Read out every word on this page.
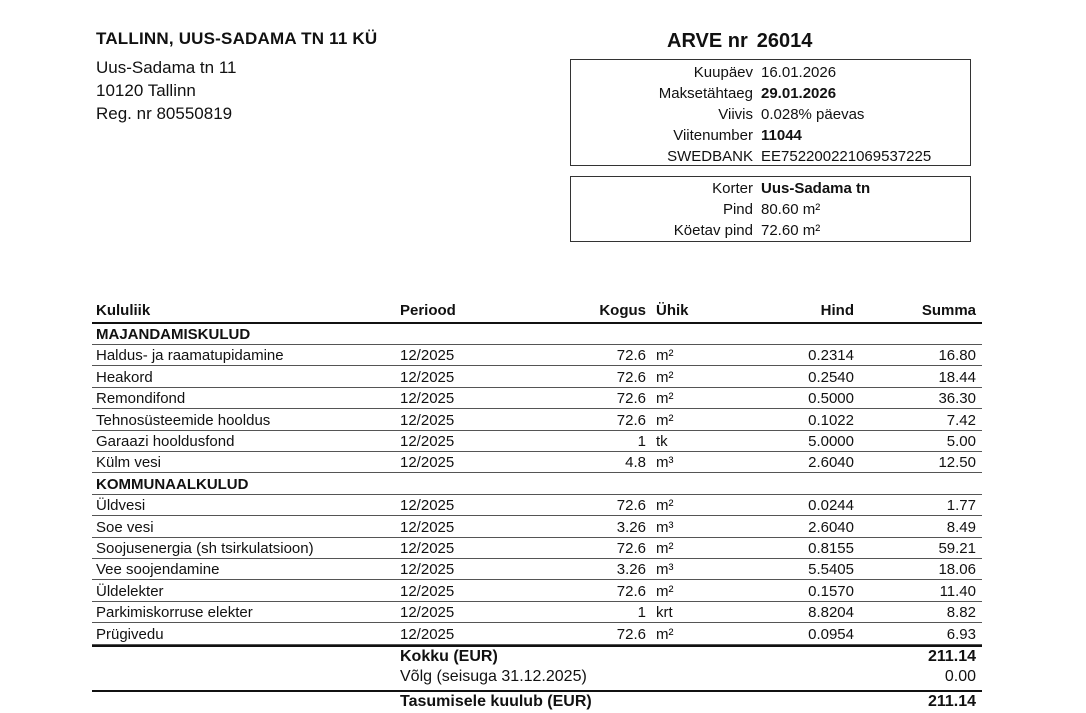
TALLINN, UUS-SADAMA TN 11 KÜ
Uus-Sadama tn 11
10120 Tallinn
Reg. nr 80550819
ARVE nr 26014
Kuupäev 16.01.2026
Maksetähtaeg 29.01.2026
Viivis 0.028% päevas
Viitenumber 11044
SWEDBANK EE752200221069537225
Korter Uus-Sadama tn
Pind 80.60 m²
Köetav pind 72.60 m²
Kululiik	Periood	Kogus Ühik	Hind	Summa
MAJANDAMISKULUD
Haldus- ja raamatupidamine	12/2025	72.6 m²	0.2314	16.80
Heakord	12/2025	72.6 m²	0.2540	18.44
Remondifond	12/2025	72.6 m²	0.5000	36.30
Tehnosüsteemide hooldus	12/2025	72.6 m²	0.1022	7.42
Garaazi hooldusfond	12/2025	1 tk	5.0000	5.00
Külm vesi	12/2025	4.8 m³	2.6040	12.50
KOMMUNAALKULUD
Üldvesi	12/2025	72.6 m²	0.0244	1.77
Soe vesi	12/2025	3.26 m³	2.6040	8.49
Soojusenergia (sh tsirkulatsioon)	12/2025	72.6 m²	0.8155	59.21
Vee soojendamine	12/2025	3.26 m³	5.5405	18.06
Üldelekter	12/2025	72.6 m²	0.1570	11.40
Parkimiskorruse elekter	12/2025	1 krt	8.8204	8.82
Prügivedu	12/2025	72.6 m²	0.0954	6.93
Kokku (EUR)	211.14
Võlg (seisuga 31.12.2025)	0.00
Tasumisele kuulub (EUR)	211.14
